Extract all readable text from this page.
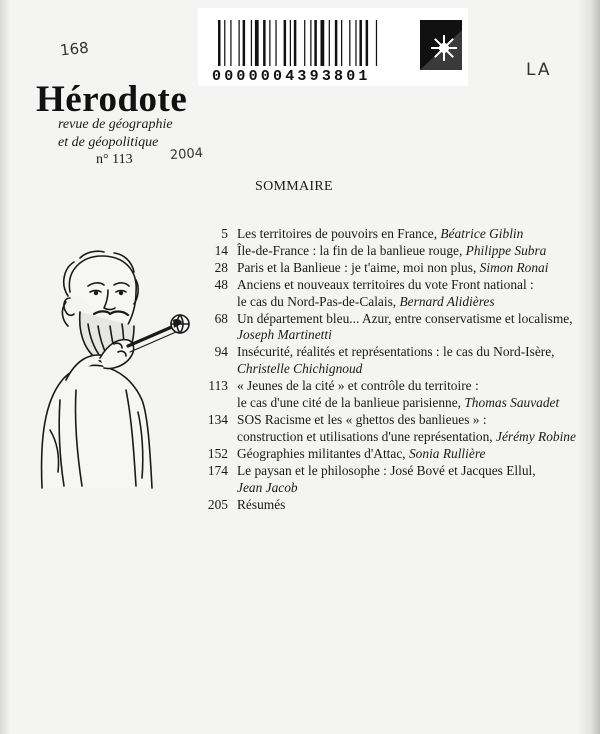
168
LA
0000004393801
Hérodote
revue de géographie
et de géopolitique
n° 113	2004
SOMMAIRE
5 Les territoires de pouvoirs en France, Béatrice Giblin
14 Île-de-France : la fin de la banlieue rouge, Philippe Subra
28 Paris et la Banlieue : je t'aime, moi non plus, Simon Ronai
48 Anciens et nouveaux territoires du vote Front national :
le cas du Nord-Pas-de-Calais, Bernard Alidières
68 Un département bleu... Azur, entre conservatisme et localisme,
Joseph Martinetti
94 Insécurité, réalités et représentations : le cas du Nord-Isère,
Christelle Chichignoud
113 « Jeunes de la cité » et contrôle du territoire :
le cas d'une cité de la banlieue parisienne, Thomas Sauvadet
134 SOS Racisme et les « ghettos des banlieues » :
construction et utilisations d'une représentation, Jérémy Robine
152 Géographies militantes d'Attac, Sonia Rullière
174 Le paysan et le philosophe : José Bové et Jacques Ellul,
Jean Jacob
205 Résumés
